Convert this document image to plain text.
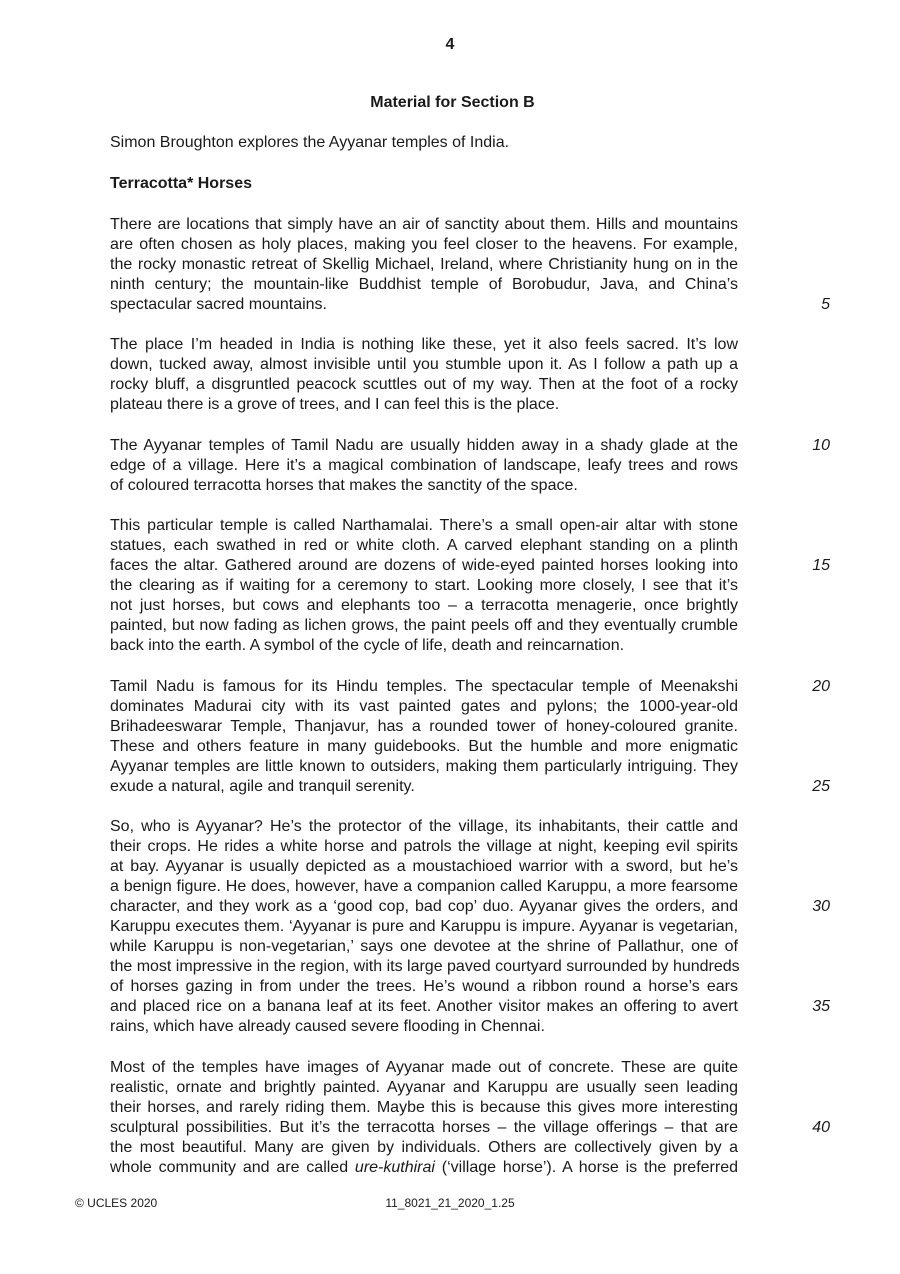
4
Material for Section B
Simon Broughton explores the Ayyanar temples of India.
Terracotta* Horses
There are locations that simply have an air of sanctity about them. Hills and mountains
are often chosen as holy places, making you feel closer to the heavens. For example,
the rocky monastic retreat of Skellig Michael, Ireland, where Christianity hung on in the
ninth century; the mountain-like Buddhist temple of Borobudur, Java, and China’s
spectacular sacred mountains.
The place I’m headed in India is nothing like these, yet it also feels sacred. It’s low
down, tucked away, almost invisible until you stumble upon it. As I follow a path up a
rocky bluff, a disgruntled peacock scuttles out of my way. Then at the foot of a rocky
plateau there is a grove of trees, and I can feel this is the place.
The Ayyanar temples of Tamil Nadu are usually hidden away in a shady glade at the
edge of a village. Here it’s a magical combination of landscape, leafy trees and rows
of coloured terracotta horses that makes the sanctity of the space.
This particular temple is called Narthamalai. There’s a small open-air altar with stone
statues, each swathed in red or white cloth. A carved elephant standing on a plinth
faces the altar. Gathered around are dozens of wide-eyed painted horses looking into
the clearing as if waiting for a ceremony to start. Looking more closely, I see that it’s
not just horses, but cows and elephants too – a terracotta menagerie, once brightly
painted, but now fading as lichen grows, the paint peels off and they eventually crumble
back into the earth. A symbol of the cycle of life, death and reincarnation.
Tamil Nadu is famous for its Hindu temples. The spectacular temple of Meenakshi
dominates Madurai city with its vast painted gates and pylons; the 1000-year-old
Brihadeeswarar Temple, Thanjavur, has a rounded tower of honey-coloured granite.
These and others feature in many guidebooks. But the humble and more enigmatic
Ayyanar temples are little known to outsiders, making them particularly intriguing. They
exude a natural, agile and tranquil serenity.
So, who is Ayyanar? He’s the protector of the village, its inhabitants, their cattle and
their crops. He rides a white horse and patrols the village at night, keeping evil spirits
at bay. Ayyanar is usually depicted as a moustachioed warrior with a sword, but he’s
a benign figure. He does, however, have a companion called Karuppu, a more fearsome
character, and they work as a ‘good cop, bad cop’ duo. Ayyanar gives the orders, and
Karuppu executes them. ‘Ayyanar is pure and Karuppu is impure. Ayyanar is vegetarian,
while Karuppu is non-vegetarian,’ says one devotee at the shrine of Pallathur, one of
the most impressive in the region, with its large paved courtyard surrounded by hundreds
of horses gazing in from under the trees. He’s wound a ribbon round a horse’s ears
and placed rice on a banana leaf at its feet. Another visitor makes an offering to avert
rains, which have already caused severe flooding in Chennai.
Most of the temples have images of Ayyanar made out of concrete. These are quite
realistic, ornate and brightly painted. Ayyanar and Karuppu are usually seen leading
their horses, and rarely riding them. Maybe this is because this gives more interesting
sculptural possibilities. But it’s the terracotta horses – the village offerings – that are
the most beautiful. Many are given by individuals. Others are collectively given by a
whole community and are called ure-kuthirai (‘village horse’). A horse is the preferred
5
10
15
20
25
30
35
40
© UCLES 2020	11_8021_21_2020_1.25
